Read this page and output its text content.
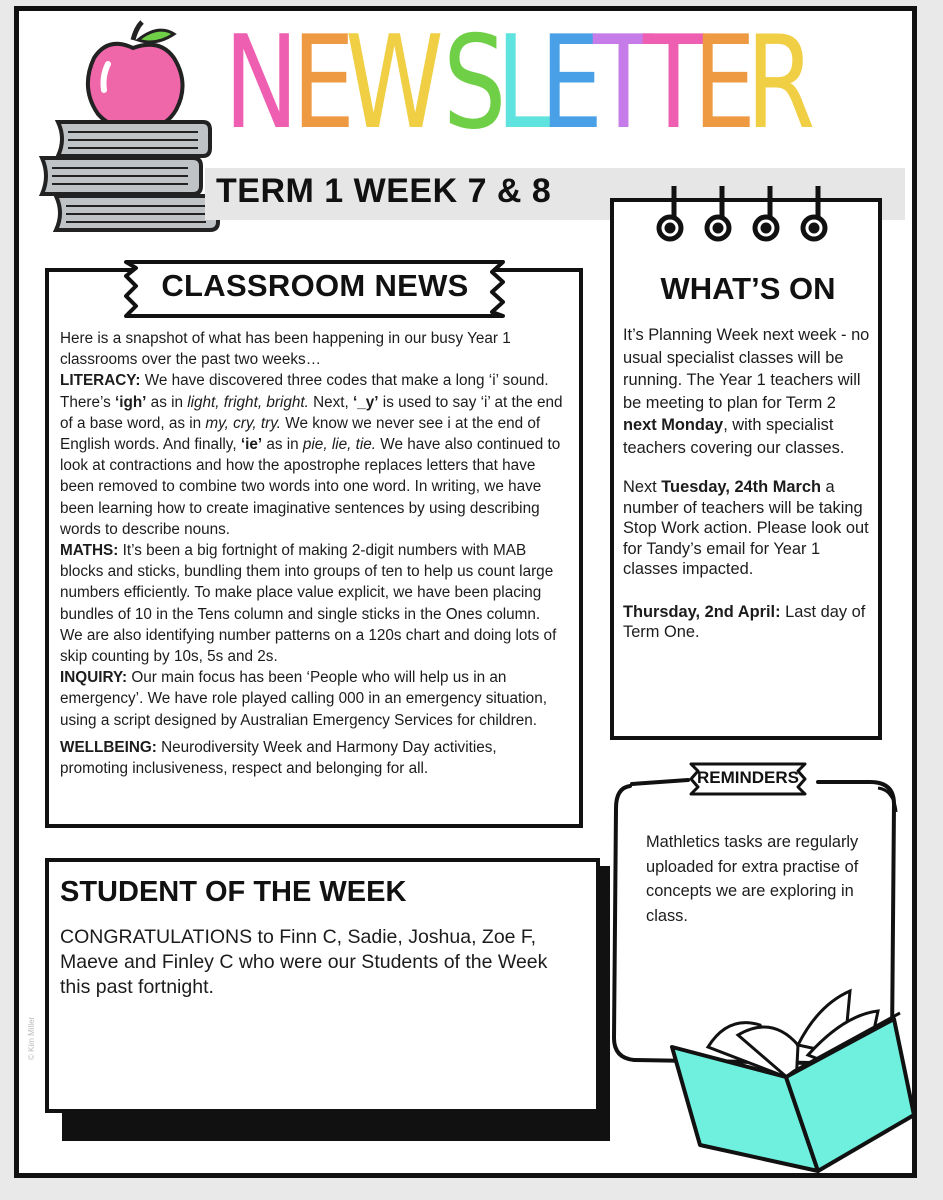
N
E
W S
L
E
T
T
E
R
TERM 1 WEEK 7 & 8
CLASSROOM NEWS

Here is a snapshot of what has been happening in our busy Year 1 classrooms over the past two weeks…

LITERACY: We have discovered three codes that make a long ‘i’ sound. There’s ‘igh’ as in light, fright, bright. Next, ‘_y’ is used to say ‘i’ at the end of a base word, as in my, cry, try. We know we never see i at the end of English words. And finally, ‘ie’ as in pie, lie, tie. We have also continued to look at contractions and how the apostrophe replaces letters that have been removed to combine two words into one word. In writing, we have been learning how to create imaginative sentences by using describing words to describe nouns.

MATHS: It’s been a big fortnight of making 2-digit numbers with MAB blocks and sticks, bundling them into groups of ten to help us count large numbers efficiently. To make place value explicit, we have been placing bundles of 10 in the Tens column and single sticks in the Ones column. We are also identifying number patterns on a 120s chart and doing lots of skip counting by 10s, 5s and 2s.

INQUIRY: Our main focus has been ‘People who will help us in an emergency’. We have role played calling 000 in an emergency situation, using a script designed by Australian Emergency Services for children.

WELLBEING: Neurodiversity Week and Harmony Day activities, promoting inclusiveness, respect and belonging for all.

WHAT’S ON

It’s Planning Week next week - no usual specialist classes will be running. The Year 1 teachers will be meeting to plan for Term 2 next Monday, with specialist teachers covering our classes.

Next Tuesday, 24th March a number of teachers will be taking Stop Work action. Please look out for Tandy’s email for Year 1 classes impacted.

Thursday, 2nd April: Last day of Term One.

REMINDERS
Mathletics tasks are regularly uploaded for extra practise of concepts we are exploring in class.
STUDENT OF THE WEEK
CONGRATULATIONS to Finn C, Sadie, Joshua, Zoe F, Maeve and Finley C who were our Students of the Week this past fortnight.
© Kim Miller
